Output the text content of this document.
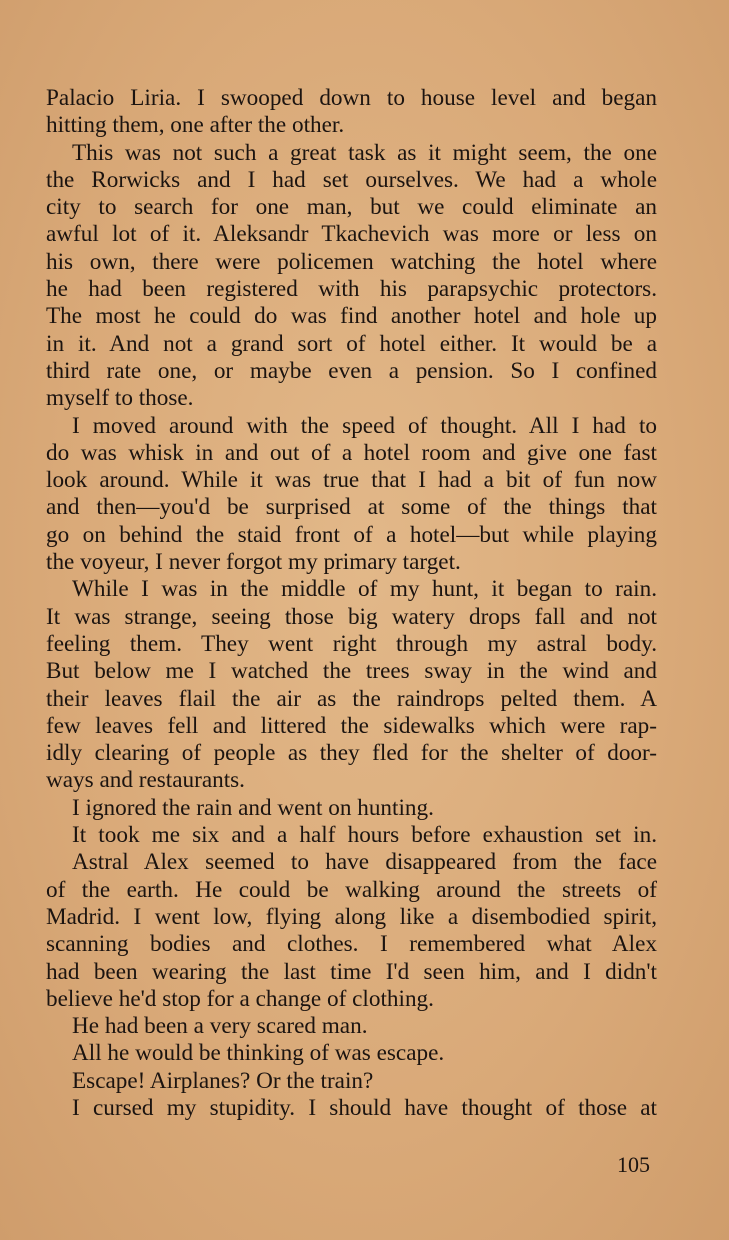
Palacio Liria. I swooped down to house level and began
hitting them, one after the other.
This was not such a great task as it might seem, the one
the Rorwicks and I had set ourselves. We had a whole
city to search for one man, but we could eliminate an
awful lot of it. Aleksandr Tkachevich was more or less on
his own, there were policemen watching the hotel where
he had been registered with his parapsychic protectors.
The most he could do was find another hotel and hole up
in it. And not a grand sort of hotel either. It would be a
third rate one, or maybe even a pension. So I confined
myself to those.
I moved around with the speed of thought. All I had to
do was whisk in and out of a hotel room and give one fast
look around. While it was true that I had a bit of fun now
and then—you'd be surprised at some of the things that
go on behind the staid front of a hotel—but while playing
the voyeur, I never forgot my primary target.
While I was in the middle of my hunt, it began to rain.
It was strange, seeing those big watery drops fall and not
feeling them. They went right through my astral body.
But below me I watched the trees sway in the wind and
their leaves flail the air as the raindrops pelted them. A
few leaves fell and littered the sidewalks which were rap-
idly clearing of people as they fled for the shelter of door-
ways and restaurants.
I ignored the rain and went on hunting.
It took me six and a half hours before exhaustion set in.
Astral Alex seemed to have disappeared from the face
of the earth. He could be walking around the streets of
Madrid. I went low, flying along like a disembodied spirit,
scanning bodies and clothes. I remembered what Alex
had been wearing the last time I'd seen him, and I didn't
believe he'd stop for a change of clothing.
He had been a very scared man.
All he would be thinking of was escape.
Escape! Airplanes? Or the train?
I cursed my stupidity. I should have thought of those at
105
